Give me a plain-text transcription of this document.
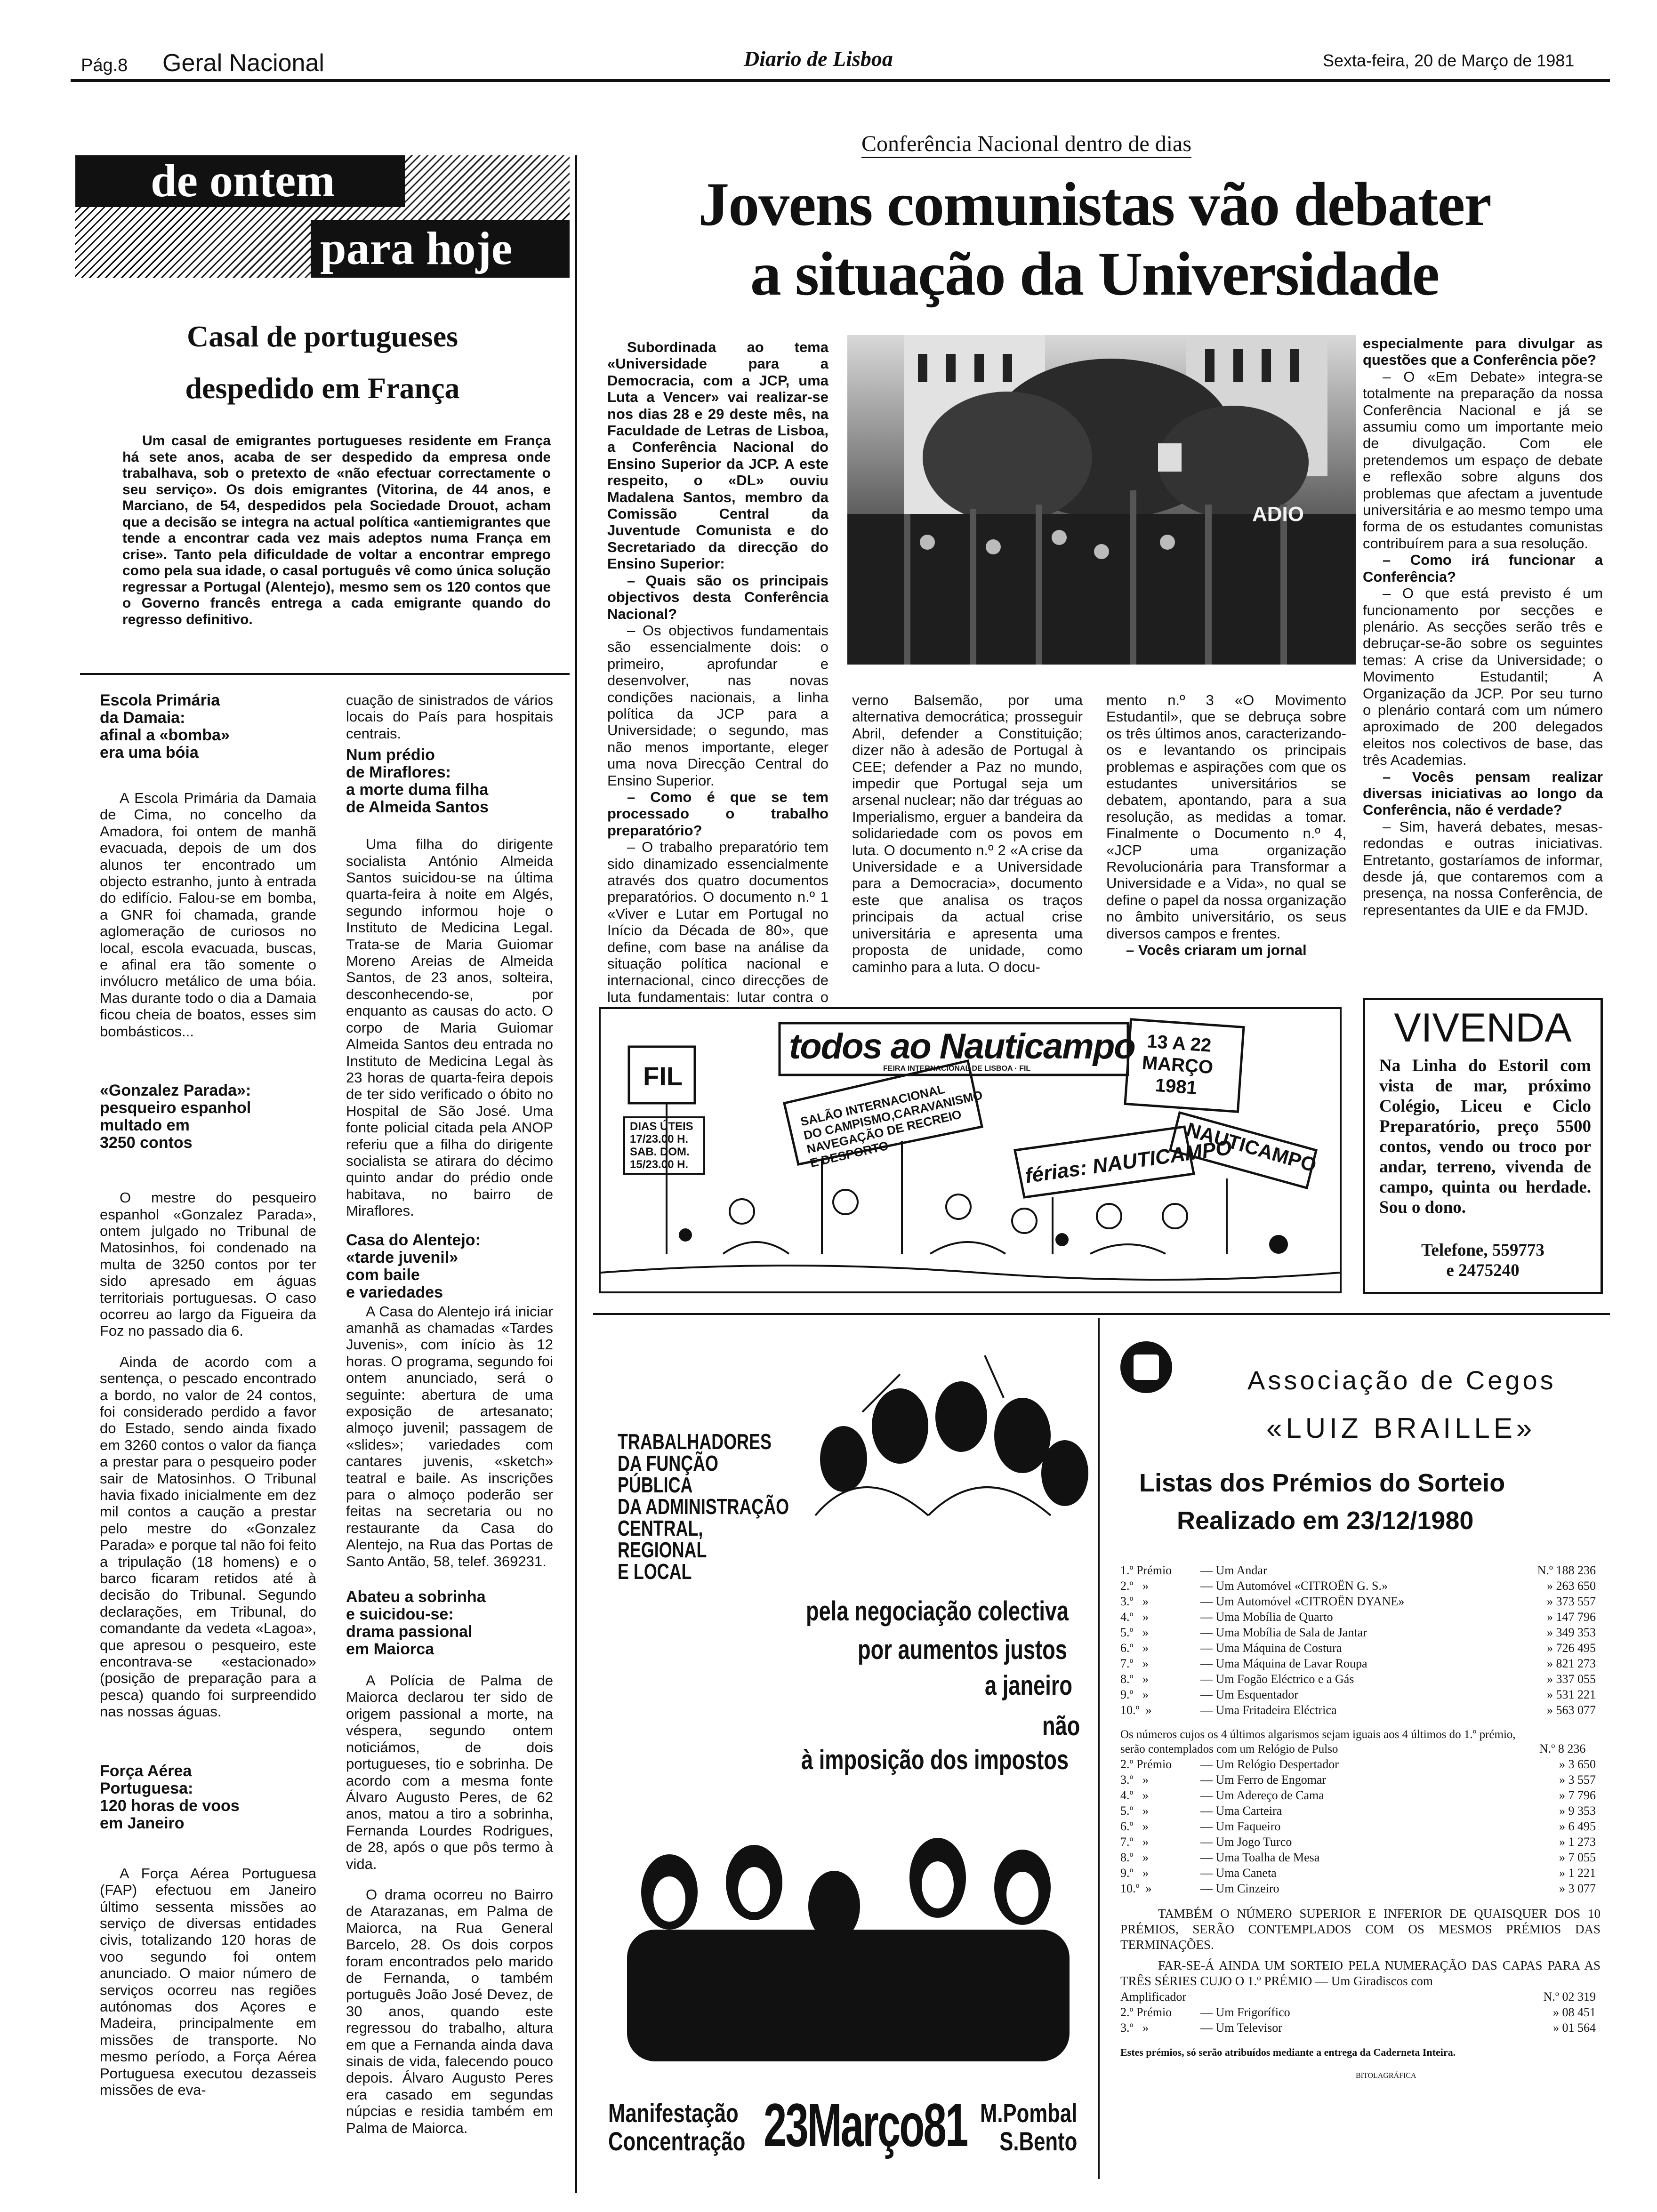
Pág.8 Geral Nacional	Diario de Lisboa	Sexta-feira, 20 de Março de 1981
de ontem
para hoje
Casal de portugueses
despedido em França

Um casal de emigrantes portugueses residente em França há sete anos, acaba de ser despedido da empresa onde trabalhava, sob o pretexto de «não efectuar correctamente o seu serviço». Os dois emigrantes (Vitorina, de 44 anos, e Marciano, de 54, despedidos pela Sociedade Drouot, acham que a decisão se integra na actual política «antiemigrantes que tende a encontrar cada vez mais adeptos numa França em crise». Tanto pela dificuldade de voltar a encontrar emprego como pela sua idade, o casal português vê como única solução regressar a Portugal (Alentejo), mesmo sem os 120 contos que o Governo francês entrega a cada emigrante quando do regresso definitivo.

Escola Primária
da Damaia:
afinal a «bomba»
era uma bóia

A Escola Primária da Damaia de Cima, no concelho da Amadora, foi ontem de manhã evacuada, depois de um dos alunos ter encontrado um objecto estranho, junto à entrada do edifício. Falou-se em bomba, a GNR foi chamada, grande aglomeração de curiosos no local, escola evacuada, buscas, e afinal era tão somente o invólucro metálico de uma bóia. Mas durante todo o dia a Damaia ficou cheia de boatos, esses sim bombásticos...

«Gonzalez Parada»:
pesqueiro espanhol
multado em
3250 contos

O mestre do pesqueiro espanhol «Gonzalez Parada», ontem julgado no Tribunal de Matosinhos, foi condenado na multa de 3250 contos por ter sido apresado em águas territoriais portuguesas. O caso ocorreu ao largo da Figueira da Foz no passado dia 6.

Ainda de acordo com a sentença, o pescado encontrado a bordo, no valor de 24 contos, foi considerado perdido a favor do Estado, sendo ainda fixado em 3260 contos o valor da fiança a prestar para o pesqueiro poder sair de Matosinhos. O Tribunal havia fixado inicialmente em dez mil contos a caução a prestar pelo mestre do «Gonzalez Parada» e porque tal não foi feito a tripulação (18 homens) e o barco ficaram retidos até à decisão do Tribunal. Segundo declarações, em Tribunal, do comandante da vedeta «Lagoa», que apresou o pesqueiro, este encontrava-se «estacionado» (posição de preparação para a pesca) quando foi surpreendido nas nossas águas.

Força Aérea
Portuguesa:
120 horas de voos
em Janeiro

A Força Aérea Portuguesa (FAP) efectuou em Janeiro último sessenta missões ao serviço de diversas entidades civis, totalizando 120 horas de voo segundo foi ontem anunciado. O maior número de serviços ocorreu nas regiões autónomas dos Açores e Madeira, principalmente em missões de transporte. No mesmo período, a Força Aérea Portuguesa executou dezasseis missões de eva-

cuação de sinistrados de vários locais do País para hospitais centrais.

Num prédio
de Miraflores:
a morte duma filha
de Almeida Santos

Uma filha do dirigente socialista António Almeida Santos suicidou-se na última quarta-feira à noite em Algés, segundo informou hoje o Instituto de Medicina Legal. Trata-se de Maria Guiomar Moreno Areias de Almeida Santos, de 23 anos, solteira, desconhecendo-se, por enquanto as causas do acto. O corpo de Maria Guiomar Almeida Santos deu entrada no Instituto de Medicina Legal às 23 horas de quarta-feira depois de ter sido verificado o óbito no Hospital de São José. Uma fonte policial citada pela ANOP referiu que a filha do dirigente socialista se atirara do décimo quinto andar do prédio onde habitava, no bairro de Miraflores.

Casa do Alentejo:
«tarde juvenil»
com baile
e variedades

A Casa do Alentejo irá iniciar amanhã as chamadas «Tardes Juvenis», com início às 12 horas. O programa, segundo foi ontem anunciado, será o seguinte: abertura de uma exposição de artesanato; almoço juvenil; passagem de «slides»; variedades com cantares juvenis, «sketch» teatral e baile. As inscrições para o almoço poderão ser feitas na secretaria ou no restaurante da Casa do Alentejo, na Rua das Portas de Santo Antão, 58, telef. 369231.

Abateu a sobrinha
e suicidou-se:
drama passional
em Maiorca

A Polícia de Palma de Maiorca declarou ter sido de origem passional a morte, na véspera, segundo ontem noticiámos, de dois portugueses, tio e sobrinha. De acordo com a mesma fonte Álvaro Augusto Peres, de 62 anos, matou a tiro a sobrinha, Fernanda Lourdes Rodrigues, de 28, após o que pôs termo à vida.

O drama ocorreu no Bairro de Atarazanas, em Palma de Maiorca, na Rua General Barcelo, 28. Os dois corpos foram encontrados pelo marido de Fernanda, o também português João José Devez, de 30 anos, quando este regressou do trabalho, altura em que a Fernanda ainda dava sinais de vida, falecendo pouco depois. Álvaro Augusto Peres era casado em segundas núpcias e residia também em Palma de Maiorca.

Conferência Nacional dentro de dias
Jovens comunistas vão debater
a situação da Universidade

Subordinada ao tema «Universidade para a Democracia, com a JCP, uma Luta a Vencer» vai realizar-se nos dias 28 e 29 deste mês, na Faculdade de Letras de Lisboa, a Conferência Nacional do Ensino Superior da JCP. A este respeito, o «DL» ouviu Madalena Santos, membro da Comissão Central da Juventude Comunista e do Secretariado da direcção do Ensino Superior:

– Quais são os principais objectivos desta Conferência Nacional?

– Os objectivos fundamentais são essencialmente dois: o primeiro, aprofundar e desenvolver, nas novas condições nacionais, a linha política da JCP para a Universidade; o segundo, mas não menos importante, eleger uma nova Direcção Central do Ensino Superior.

– Como é que se tem processado o trabalho preparatório?

– O trabalho preparatório tem sido dinamizado essencialmente através dos quatro documentos preparatórios. O documento n.º 1 «Viver e Lutar em Portugal no Início da Década de 80», que define, com base na análise da situação política nacional e internacional, cinco direcções de luta fundamentais: lutar contra o

ADIO

verno Balsemão, por uma alternativa democrática; prosseguir Abril, defender a Constituição; dizer não à adesão de Portugal à CEE; defender a Paz no mundo, impedir que Portugal seja um arsenal nuclear; não dar tréguas ao Imperialismo, erguer a bandeira da solidariedade com os povos em luta. O documento n.º 2 «A crise da Universidade e a Universidade para a Democracia», documento este que analisa os traços principais da actual crise universitária e apresenta uma proposta de unidade, como caminho para a luta. O docu-

mento n.º 3 «O Movimento Estudantil», que se debruça sobre os três últimos anos, caracterizando-os e levantando os principais problemas e aspirações com que os estudantes universitários se debatem, apontando, para a sua resolução, as medidas a tomar. Finalmente o Documento n.º 4, «JCP uma organização Revolucionária para Transformar a Universidade e a Vida», no qual se define o papel da nossa organização no âmbito universitário, os seus diversos campos e frentes.

– Vocês criaram um jornal

especialmente para divulgar as questões que a Conferência põe?

– O «Em Debate» integra-se totalmente na preparação da nossa Conferência Nacional e já se assumiu como um importante meio de divulgação. Com ele pretendemos um espaço de debate e reflexão sobre alguns dos problemas que afectam a juventude universitária e ao mesmo tempo uma forma de os estudantes comunistas contribuírem para a sua resolução.

– Como irá funcionar a Conferência?

– O que está previsto é um funcionamento por secções e plenário. As secções serão três e debruçar-se-ão sobre os seguintes temas: A crise da Universidade; o Movimento Estudantil; A Organização da JCP. Por seu turno o plenário contará com um número aproximado de 200 delegados eleitos nos colectivos de base, das três Academias.

– Vocês pensam realizar diversas iniciativas ao longo da Conferência, não é verdade?

– Sim, haverá debates, mesas-redondas e outras iniciativas. Entretanto, gostaríamos de informar, desde já, que contaremos com a presença, na nossa Conferência, de representantes da UIE e da FMJD.

todos ao Nauticampo
FEIRA INTERNACIONAL DE LISBOA · FIL
FIL
13 A 22
MARÇO
1981
SALÃO INTERNACIONAL
DO CAMPISMO,CARAVANISMO
NAVEGAÇÃO DE RECREIO
E DESPORTO
DIAS ÚTEIS
17/23.00 H.
SAB. DOM.
15/23.00 H.	férias: NAUTICAMPO
NAUTICAMPO
VIVENDA
Na Linha do Estoril com vista de mar, próximo Colégio, Liceu e Ciclo Preparatório, preço 5500 contos, vendo ou troco por andar, terreno, vivenda de campo, quinta ou herdade. Sou o dono.
Telefone, 559773
e 2475240
TRABALHADORES
DA FUNÇÃO
PÚBLICA
DA ADMINISTRAÇÃO
CENTRAL,
REGIONAL
E LOCAL
pela negociação colectiva
por aumentos justos
a janeiro
não
à imposição dos impostos
Manifestação
Concentração 23Março81 M.Pombal
S.Bento
Associação de Cegos
«LUIZ BRAILLE»
Listas dos Prémios do Sorteio
Realizado em 23/12/1980
1.º Prémio	— Um Andar	N.º 188 236
2.º   »	— Um Automóvel «CITROËN G. S.»	» 263 650
3.º   »	— Um Automóvel «CITROËN DYANE»	» 373 557
4.º   »	— Uma Mobília de Quarto	» 147 796
5.º   »	— Uma Mobília de Sala de Jantar	» 349 353
6.º   »	— Uma Máquina de Costura	» 726 495
7.º   »	— Uma Máquina de Lavar Roupa	» 821 273
8.º   »	— Um Fogão Eléctrico e a Gás	» 337 055
9.º   »	— Um Esquentador	» 531 221
10.º  »	— Uma Fritadeira Eléctrica	» 563 077
Os números cujos os 4 últimos algarismos sejam iguais aos 4 últimos do 1.º prémio, serão contemplados com um Relógio de Pulso	N.º 8 236
2.º Prémio	— Um Relógio Despertador	» 3 650
3.º   »	— Um Ferro de Engomar	» 3 557
4.º   »	— Um Adereço de Cama	» 7 796
5.º   »	— Uma Carteira	» 9 353
6.º   »	— Um Faqueiro	» 6 495
7.º   »	— Um Jogo Turco	» 1 273
8.º   »	— Uma Toalha de Mesa	» 7 055
9.º   »	— Uma Caneta	» 1 221
10.º  »	— Um Cinzeiro	» 3 077
TAMBÉM O NÚMERO SUPERIOR E INFERIOR DE QUAISQUER DOS 10 PRÉMIOS, SERÃO CONTEMPLADOS COM OS MESMOS PRÉMIOS DAS TERMINAÇÕES.
FAR-SE-Á AINDA UM SORTEIO PELA NUMERAÇÃO DAS CAPAS PARA AS TRÊS SÉRIES CUJO O 1.º PRÉMIO — Um Giradiscos com
Amplificador	N.º 02 319
2.º Prémio	— Um Frigorífico	» 08 451
3.º   »	— Um Televisor	» 01 564
Estes prémios, só serão atribuídos mediante a entrega da Caderneta Inteira.
BITOLAGRÁFICA
